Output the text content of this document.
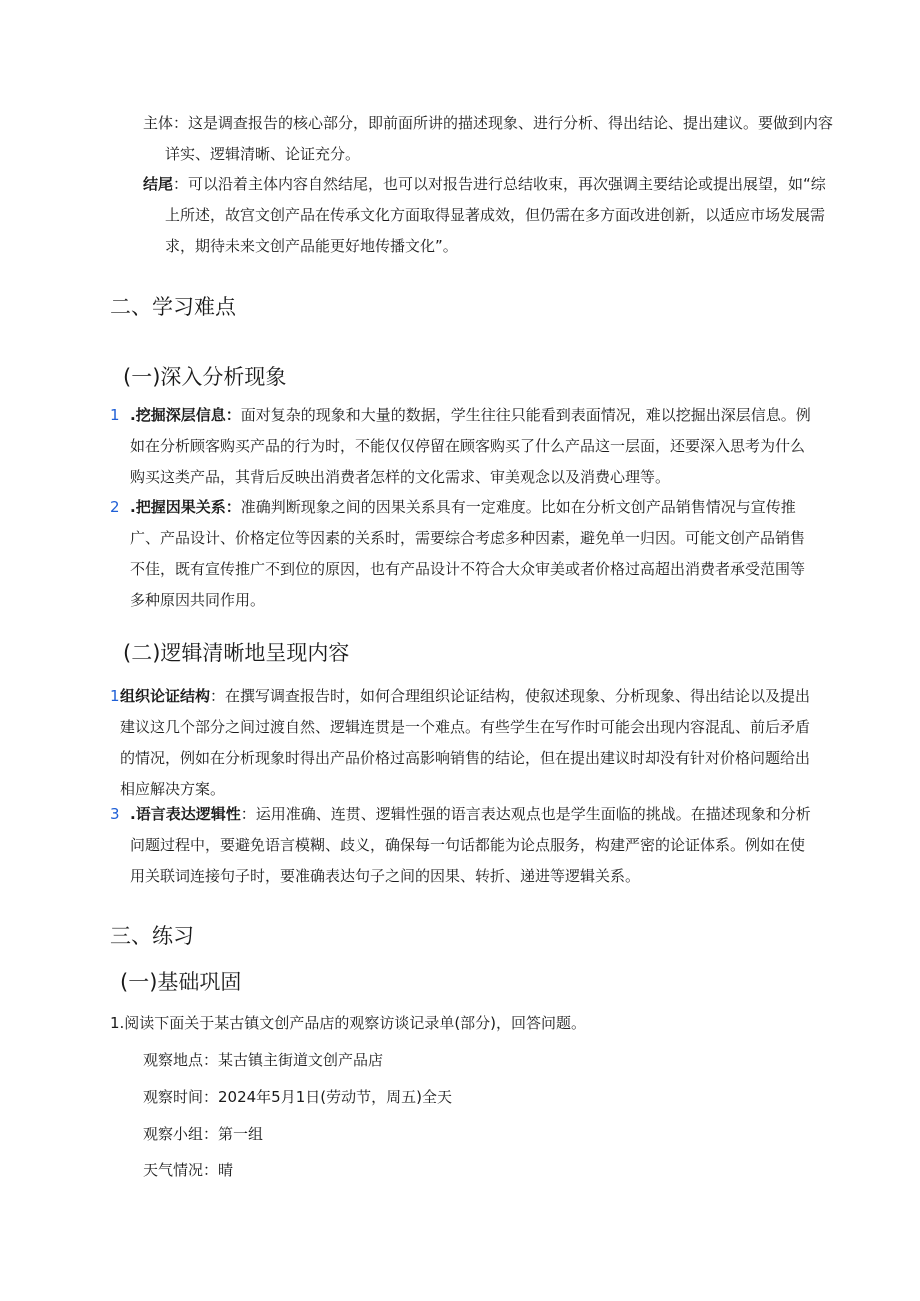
主体：这是调查报告的核心部分，即前面所讲的描述现象、进行分析、得出结论、提出建议。要做到内容详实、逻辑清晰、论证充分。

结尾：可以沿着主体内容自然结尾，也可以对报告进行总结收束，再次强调主要结论或提出展望，如“综上所述，故宫文创产品在传承文化方面取得显著成效，但仍需在多方面改进创新，以适应市场发展需求，期待未来文创产品能更好地传播文化”。

二、学习难点
(一)深入分析现象
1 .挖掘深层信息：面对复杂的现象和大量的数据，学生往往只能看到表面情况，难以挖掘出深层信息。例如在分析顾客购买产品的行为时，不能仅仅停留在顾客购买了什么产品这一层面，还要深入思考为什么购买这类产品，其背后反映出消费者怎样的文化需求、审美观念以及消费心理等。

2 .把握因果关系：准确判断现象之间的因果关系具有一定难度。比如在分析文创产品销售情况与宣传推广、产品设计、价格定位等因素的关系时，需要综合考虑多种因素，避免单一归因。可能文创产品销售不佳，既有宣传推广不到位的原因，也有产品设计不符合大众审美或者价格过高超出消费者承受范围等多种原因共同作用。

(二)逻辑清晰地呈现内容
1 组织论证结构：在撰写调查报告时，如何合理组织论证结构，使叙述现象、分析现象、得出结论以及提出建议这几个部分之间过渡自然、逻辑连贯是一个难点。有些学生在写作时可能会出现内容混乱、前后矛盾的情况，例如在分析现象时得出产品价格过高影响销售的结论，但在提出建议时却没有针对价格问题给出相应解决方案。

3 .语言表达逻辑性：运用准确、连贯、逻辑性强的语言表达观点也是学生面临的挑战。在描述现象和分析问题过程中，要避免语言模糊、歧义，确保每一句话都能为论点服务，构建严密的论证体系。例如在使用关联词连接句子时，要准确表达句子之间的因果、转折、递进等逻辑关系。

三、练习
(一)基础巩固

1.阅读下面关于某古镇文创产品店的观察访谈记录单(部分)，回答问题。

观察地点：某古镇主街道文创产品店

观察时间：2024年5月1日(劳动节，周五)全天

观察小组：第一组

天气情况：晴
